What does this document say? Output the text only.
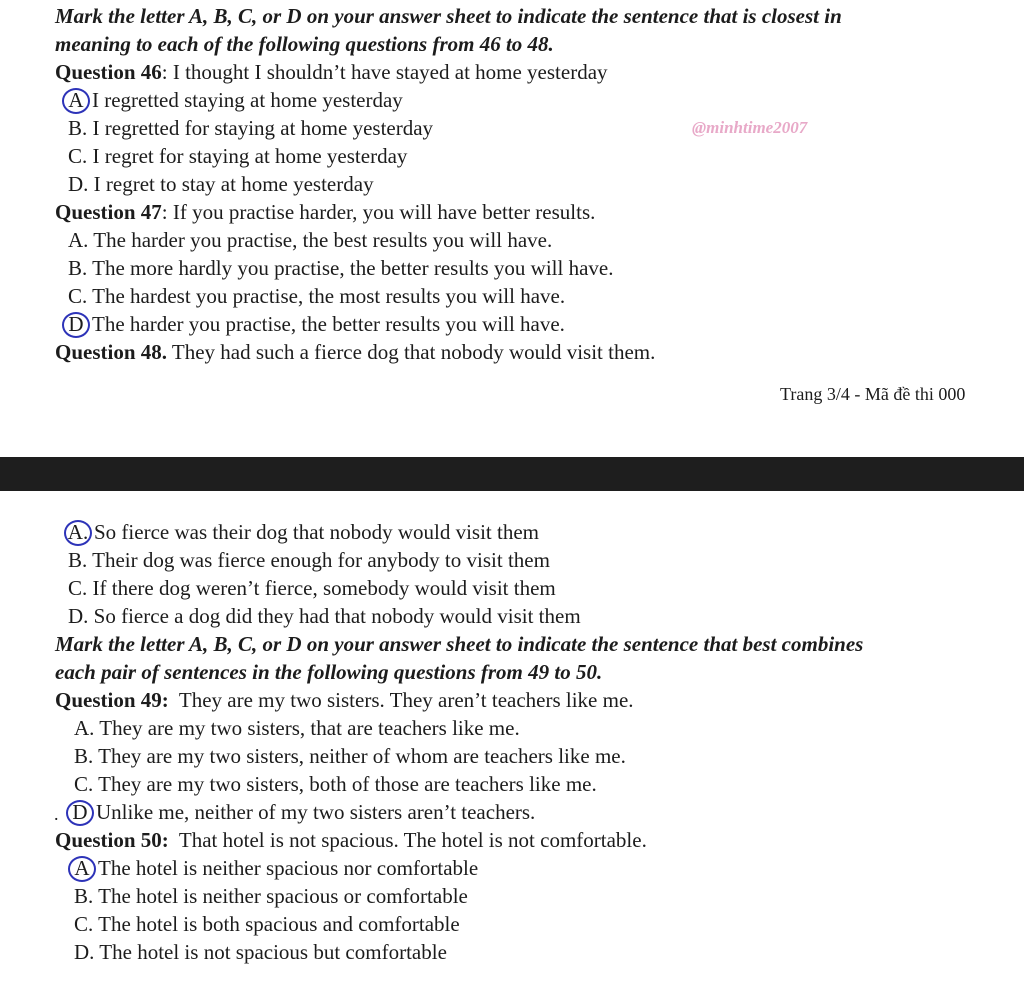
Mark the letter A, B, C, or D on your answer sheet to indicate the sentence that is closest in
meaning to each of the following questions from 46 to 48.
Question 46: I thought I shouldn’t have stayed at home yesterday
A I regretted staying at home yesterday
B. I regretted for staying at home yesterday
C. I regret for staying at home yesterday
D. I regret to stay at home yesterday
@minhtime2007
Question 47: If you practise harder, you will have better results.
A. The harder you practise, the best results you will have.
B. The more hardly you practise, the better results you will have.
C. The hardest you practise, the most results you will have.
D The harder you practise, the better results you will have.
Question 48. They had such a fierce dog that nobody would visit them.
Trang 3/4 - Mã đề thi 000
A. So fierce was their dog that nobody would visit them
B. Their dog was fierce enough for anybody to visit them
C. If there dog weren’t fierce, somebody would visit them
D. So fierce a dog did they had that nobody would visit them
Mark the letter A, B, C, or D on your answer sheet to indicate the sentence that best combines
each pair of sentences in the following questions from 49 to 50.
Question 49:  They are my two sisters. They aren’t teachers like me.
A. They are my two sisters, that are teachers like me.
B. They are my two sisters, neither of whom are teachers like me.
C. They are my two sisters, both of those are teachers like me.
. D Unlike me, neither of my two sisters aren’t teachers.
Question 50:  That hotel is not spacious. The hotel is not comfortable.
A The hotel is neither spacious nor comfortable
B. The hotel is neither spacious or comfortable
C. The hotel is both spacious and comfortable
D. The hotel is not spacious but comfortable
